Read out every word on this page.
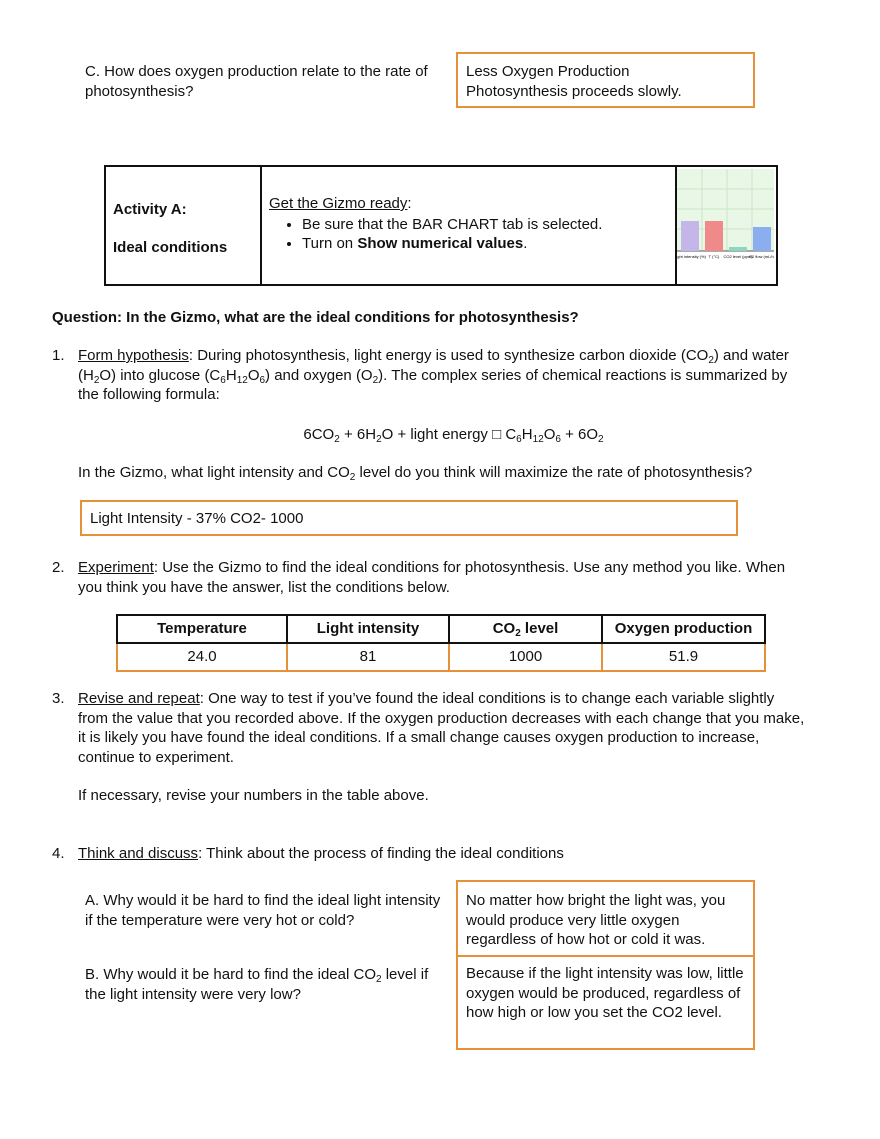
C. How does oxygen production relate to the rate of photosynthesis?
Less Oxygen Production
Photosynthesis proceeds slowly.
Activity A:
Ideal conditions
Get the Gizmo ready:
• Be sure that the BAR CHART tab is selected.
• Turn on Show numerical values.
Light intensity (%) T (°C) CO2 level (ppm)
O2 flow (mL/h)
Question: In the Gizmo, what are the ideal conditions for photosynthesis?
1. Form hypothesis: During photosynthesis, light energy is used to synthesize carbon dioxide $(CO_2)$ and water $(H_2O)$ into glucose $(C_6H_{12}O_6)$ and oxygen $(O_2)$. The complex series of chemical reactions is summarized by the following formula:
$6CO_2 + 6H_2O$ + light energy □ $C_6H_{12}O_6 + 6O_2$
In the Gizmo, what light intensity and $CO_2$ level do you think will maximize the rate of photosynthesis?
Light Intensity - 37% CO2- 1000
2. Experiment: Use the Gizmo to find the ideal conditions for photosynthesis. Use any method you like. When you think you have the answer, list the conditions below.
Temperature	Light intensity	$CO_2$ level	Oxygen production
24.0	81	1000	51.9
3. Revise and repeat: One way to test if you’ve found the ideal conditions is to change each variable slightly from the value that you recorded above. If the oxygen production decreases with each change that you make, it is likely you have found the ideal conditions. If a small change causes oxygen production to increase, continue to experiment.
If necessary, revise your numbers in the table above.
4. Think and discuss: Think about the process of finding the ideal conditions
A. Why would it be hard to find the ideal light intensity if the temperature were very hot or cold?
No matter how bright the light was, you would produce very little oxygen regardless of how hot or cold it was.
B. Why would it be hard to find the ideal $CO_2$ level if the light intensity were very low?
Because if the light intensity was low, little oxygen would be produced, regardless of how high or low you set the CO2 level.
